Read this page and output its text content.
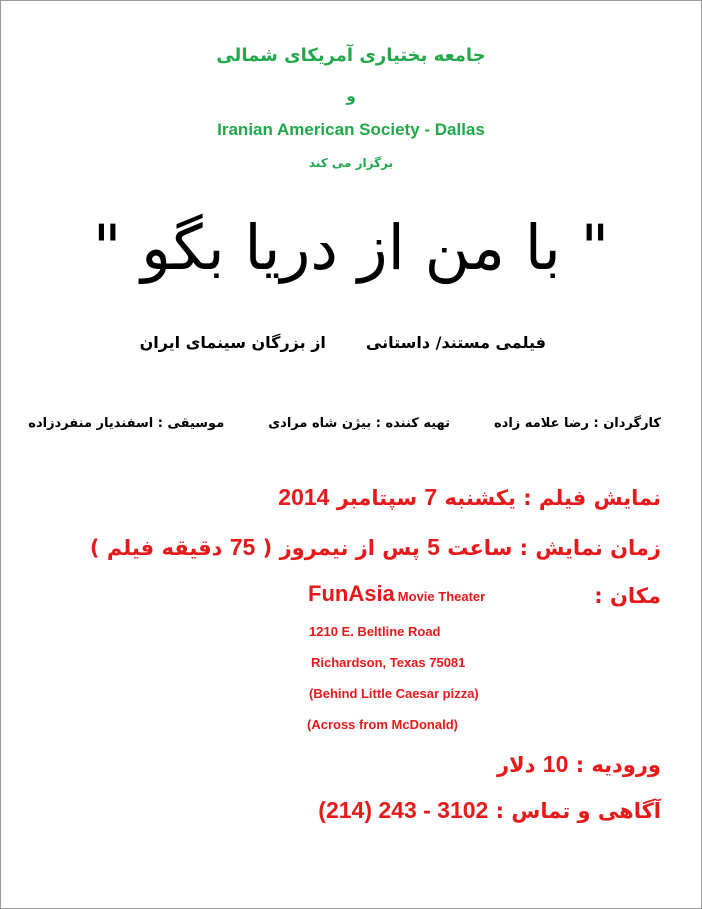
جامعه بختیاری آمریکای شمالی
و
Iranian American Society - Dallas
برگزار می کند
" با من از دریا بگو "
فیلمی مستند/ داستانیاز بزرگان سینمای ایران
کارگردان : رضا علامه زادهتهیه کننده : بیژن شاه مرادیموسیقی : اسفندیار منفردزاده
نمایش فیلم : یکشنبه 7 سپتامبر 2014
زمان نمایش : ساعت 5 پس از نیمروز ( 75 دقیقه فیلم )
مکان :
FunAsia Movie Theater
1210 E. Beltline Road
Richardson, Texas 75081
(Behind Little Caesar pizza)
(Across from McDonald)
ورودیه : 10 دلار
آگاهی و تماس : (214) 243 - 3102
